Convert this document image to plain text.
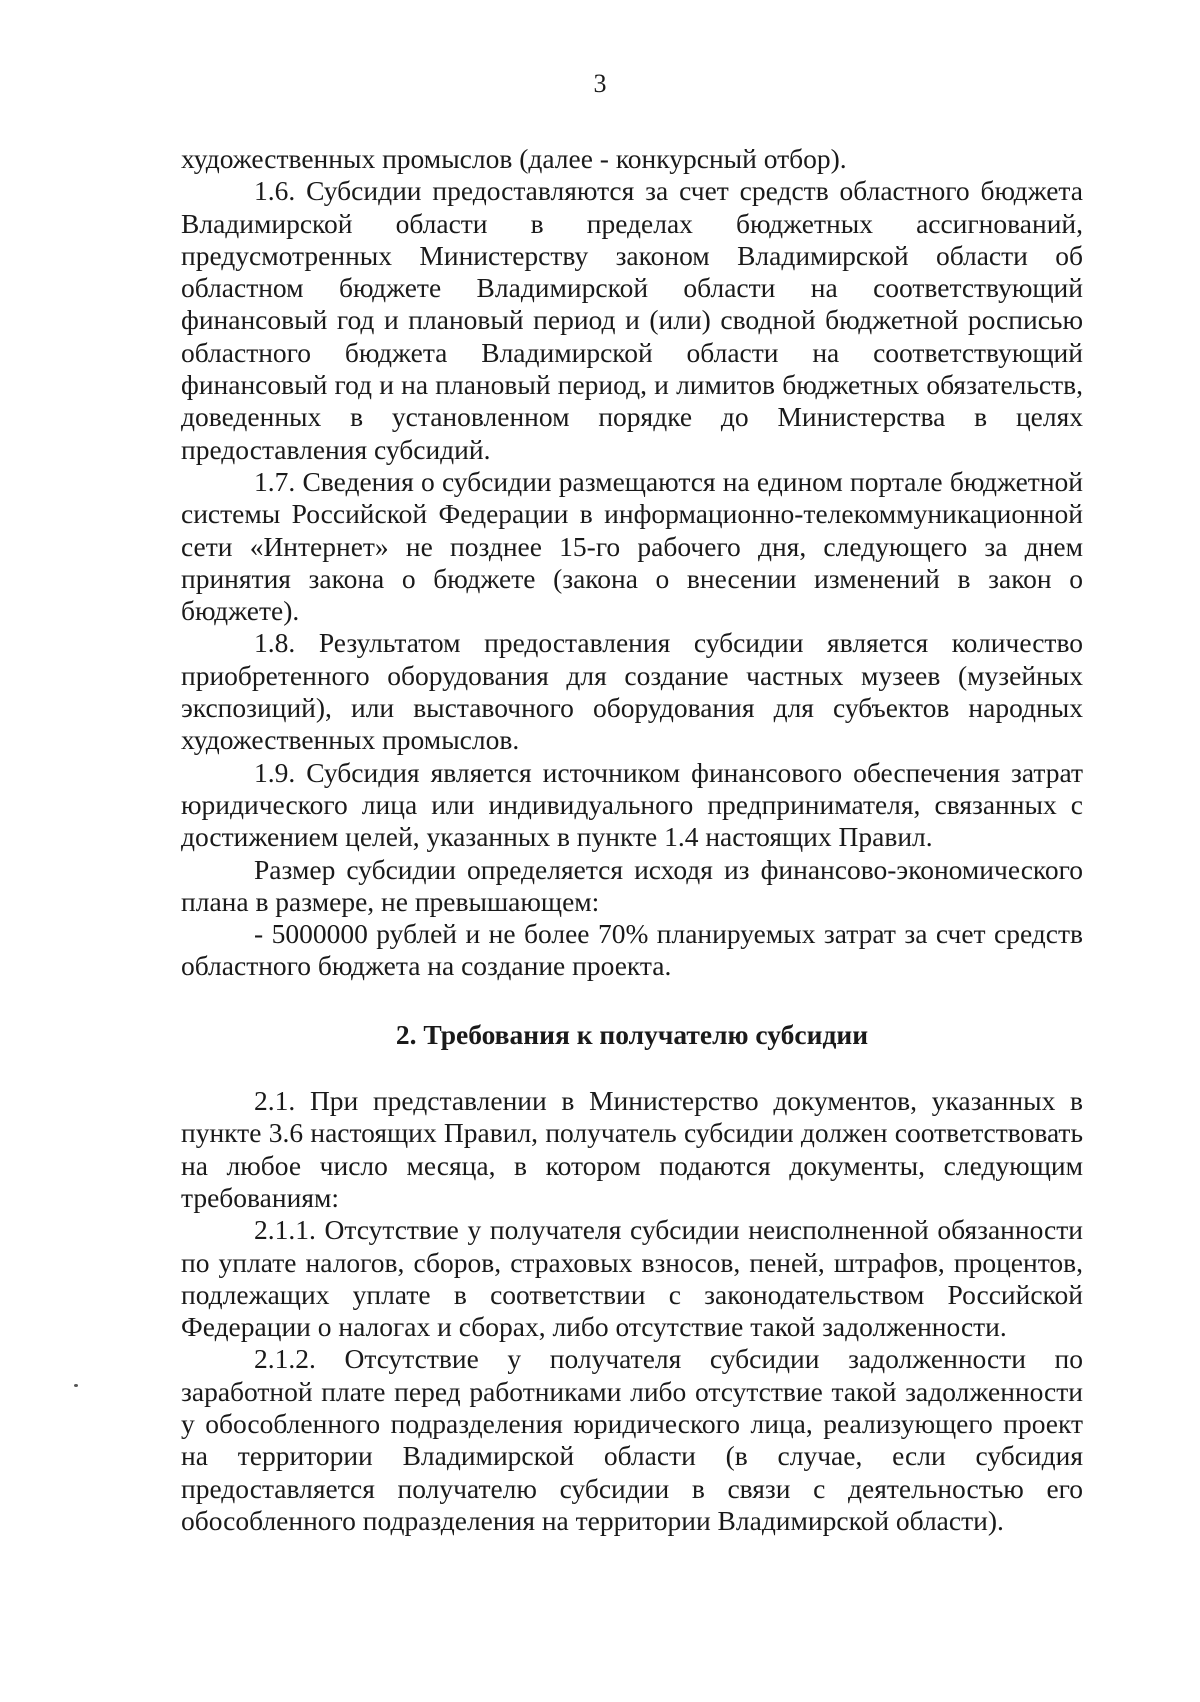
3

художественных промыслов (далее - конкурсный отбор).

1.6. Субсидии предоставляются за счет средств областного бюджета Владимирской области в пределах бюджетных ассигнований, предусмотренных Министерству законом Владимирской области об областном бюджете Владимирской области на соответствующий финансовый год и плановый период и (или) сводной бюджетной росписью областного бюджета Владимирской области на соответствующий финансовый год и на плановый период, и лимитов бюджетных обязательств, доведенных в установленном порядке до Министерства в целях предоставления субсидий.

1.7. Сведения о субсидии размещаются на едином портале бюджетной системы Российской Федерации в информационно-телекоммуникационной сети «Интернет» не позднее 15-го рабочего дня, следующего за днем принятия закона о бюджете (закона о внесении изменений в закон о бюджете).

1.8. Результатом предоставления субсидии является количество приобретенного оборудования для создание частных музеев (музейных экспозиций), или выставочного оборудования для субъектов народных художественных промыслов.

1.9. Субсидия является источником финансового обеспечения затрат юридического лица или индивидуального предпринимателя, связанных с достижением целей, указанных в пункте 1.4 настоящих Правил.

Размер субсидии определяется исходя из финансово-экономического плана в размере, не превышающем:

- 5000000 рублей и не более 70% планируемых затрат за счет средств областного бюджета на создание проекта.

2. Требования к получателю субсидии

2.1. При представлении в Министерство документов, указанных в пункте 3.6 настоящих Правил, получатель субсидии должен соответствовать на любое число месяца, в котором подаются документы, следующим требованиям:

2.1.1. Отсутствие у получателя субсидии неисполненной обязанности по уплате налогов, сборов, страховых взносов, пеней, штрафов, процентов, подлежащих уплате в соответствии с законодательством Российской Федерации о налогах и сборах, либо отсутствие такой задолженности.

2.1.2. Отсутствие у получателя субсидии задолженности по заработной плате перед работниками либо отсутствие такой задолженности у обособленного подразделения юридического лица, реализующего проект на территории Владимирской области (в случае, если субсидия предоставляется получателю субсидии в связи с деятельностью его обособленного подразделения на территории Владимирской области).
